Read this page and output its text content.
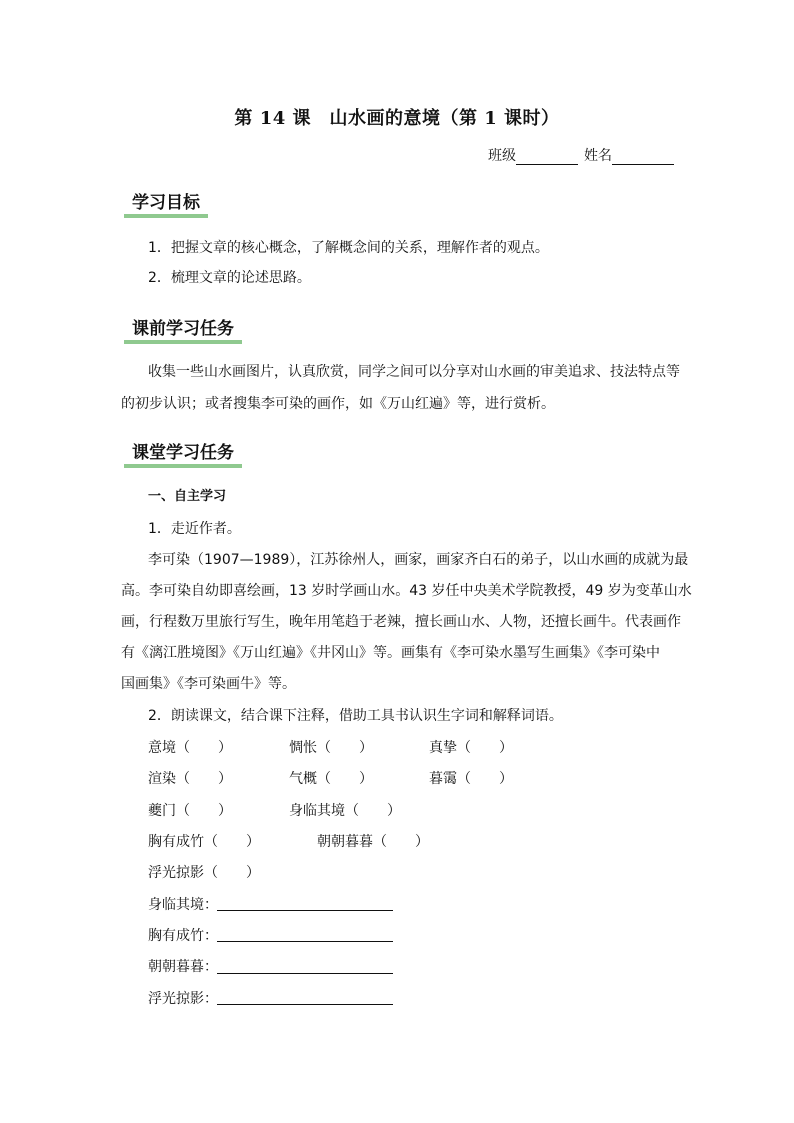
第 14 课　山水画的意境（第 1 课时）
班级	姓名
学习目标
1．把握文章的核心概念，了解概念间的关系，理解作者的观点。
2．梳理文章的论述思路。
课前学习任务
收集一些山水画图片，认真欣赏，同学之间可以分享对山水画的审美追求、技法特点等
的初步认识；或者搜集李可染的画作，如《万山红遍》等，进行赏析。
课堂学习任务
一、自主学习
1．走近作者。
李可染（1907—1989），江苏徐州人，画家，画家齐白石的弟子，以山水画的成就为最
高。李可染自幼即喜绘画，13 岁时学画山水。43 岁任中央美术学院教授，49 岁为变革山水
画，行程数万里旅行写生，晚年用笔趋于老辣，擅长画山水、人物，还擅长画牛。代表画作
有《漓江胜境图》《万山红遍》《井冈山》等。画集有《李可染水墨写生画集》《李可染中
国画集》《李可染画牛》等。
2．朗读课文，结合课下注释，借助工具书认识生字词和解释词语。
意境（　　）	惆怅（　　）	真挚（　　）
渲染（　　）	气概（　　）	暮霭（　　）
夔门（　　）	身临其境（　　）
胸有成竹（　　）	朝朝暮暮（　　）
浮光掠影（　　）
身临其境：
胸有成竹：
朝朝暮暮：
浮光掠影：
